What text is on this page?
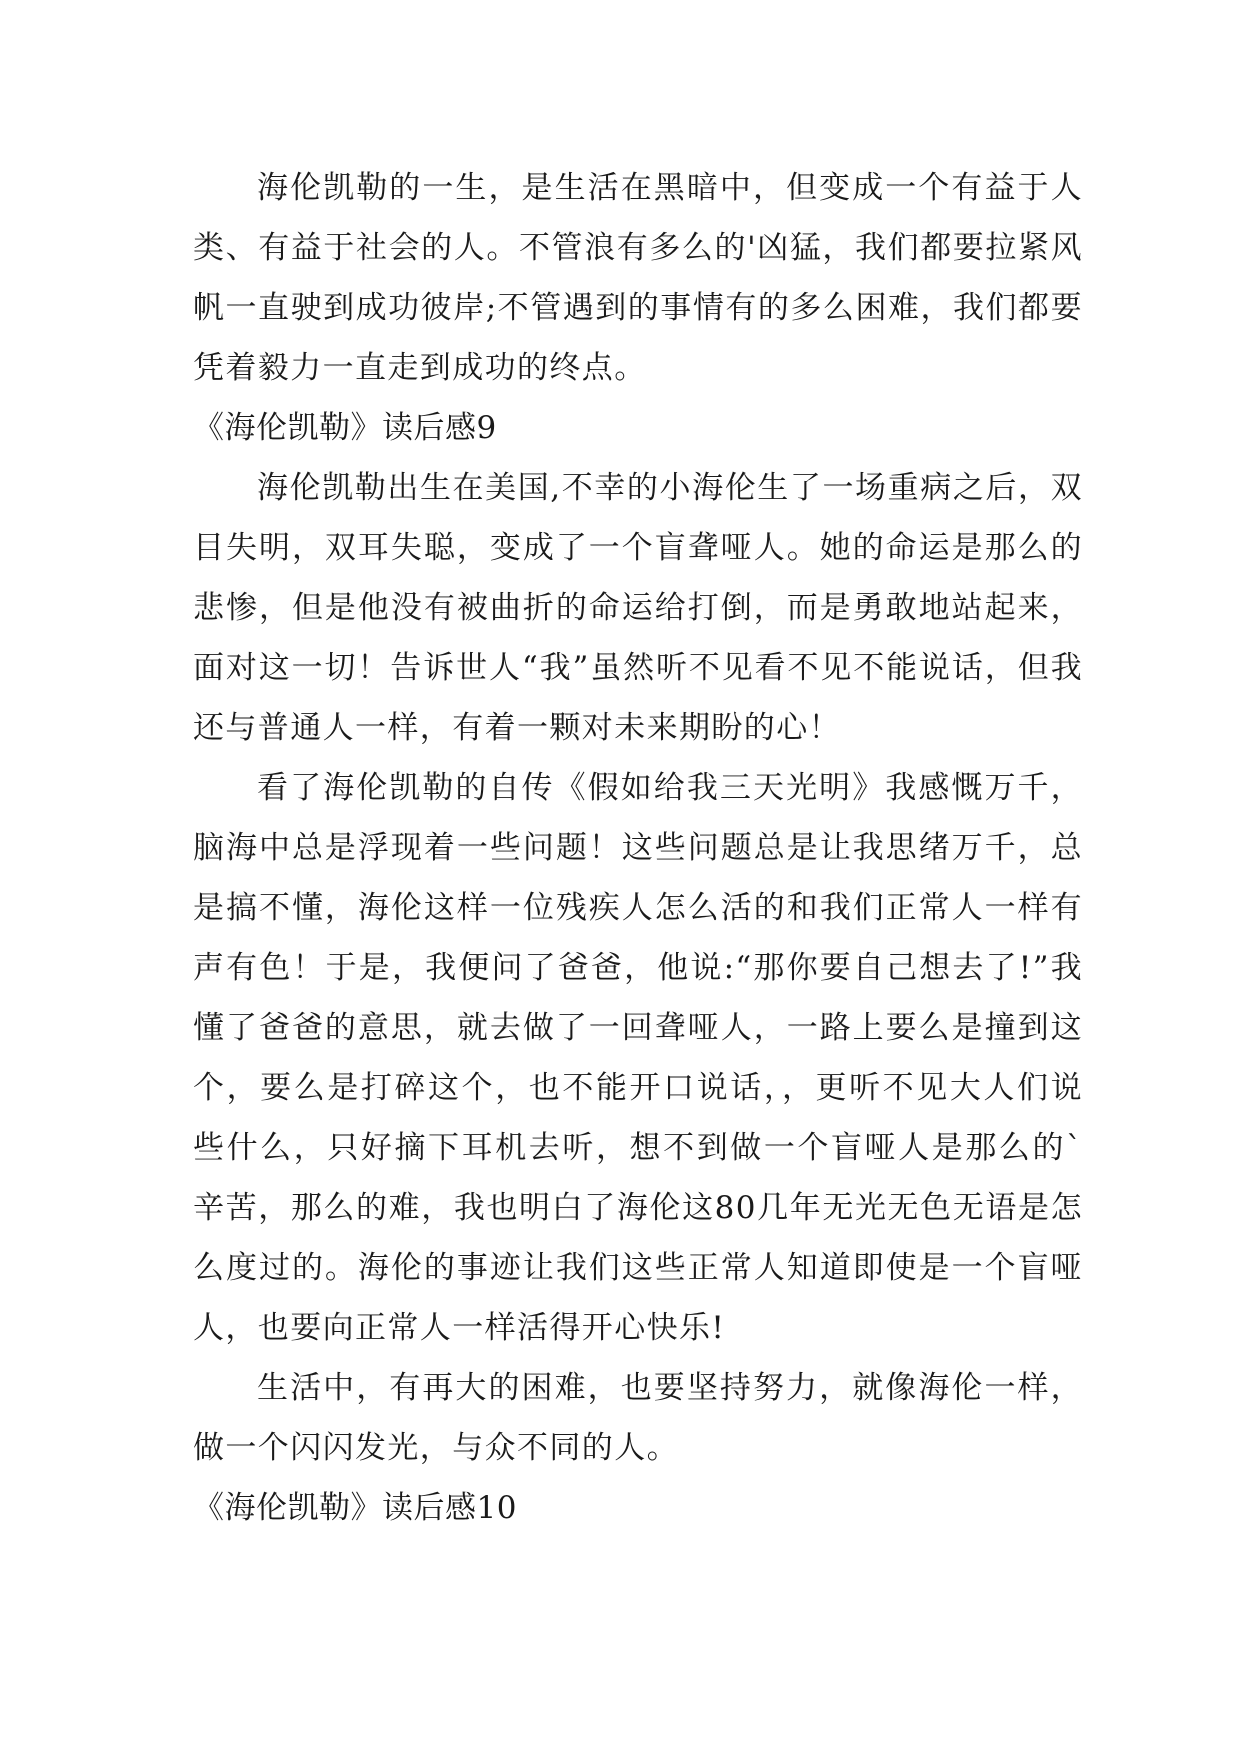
海伦凯勒的一生，是生活在黑暗中，但变成一个有益于人类、有益于社会的人。不管浪有多么的'凶猛，我们都要拉紧风帆一直驶到成功彼岸;不管遇到的事情有的多么困难，我们都要凭着毅力一直走到成功的终点。

《海伦凯勒》读后感9

海伦凯勒出生在美国,不幸的小海伦生了一场重病之后，双目失明，双耳失聪，变成了一个盲聋哑人。她的命运是那么的悲惨，但是他没有被曲折的命运给打倒，而是勇敢地站起来，面对这一切！告诉世人“我”虽然听不见看不见不能说话，但我还与普通人一样，有着一颗对未来期盼的心！

看了海伦凯勒的自传《假如给我三天光明》我感慨万千，脑海中总是浮现着一些问题！这些问题总是让我思绪万千，总是搞不懂，海伦这样一位残疾人怎么活的和我们正常人一样有声有色！于是，我便问了爸爸，他说:“那你要自己想去了!”我懂了爸爸的意思，就去做了一回聋哑人，一路上要么是撞到这个，要么是打碎这个，也不能开口说话，，更听不见大人们说些什么，只好摘下耳机去听，想不到做一个盲哑人是那么的`辛苦，那么的难，我也明白了海伦这80几年无光无色无语是怎么度过的。海伦的事迹让我们这些正常人知道即使是一个盲哑人，也要向正常人一样活得开心快乐!

生活中，有再大的困难，也要坚持努力，就像海伦一样，做一个闪闪发光，与众不同的人。

《海伦凯勒》读后感10
